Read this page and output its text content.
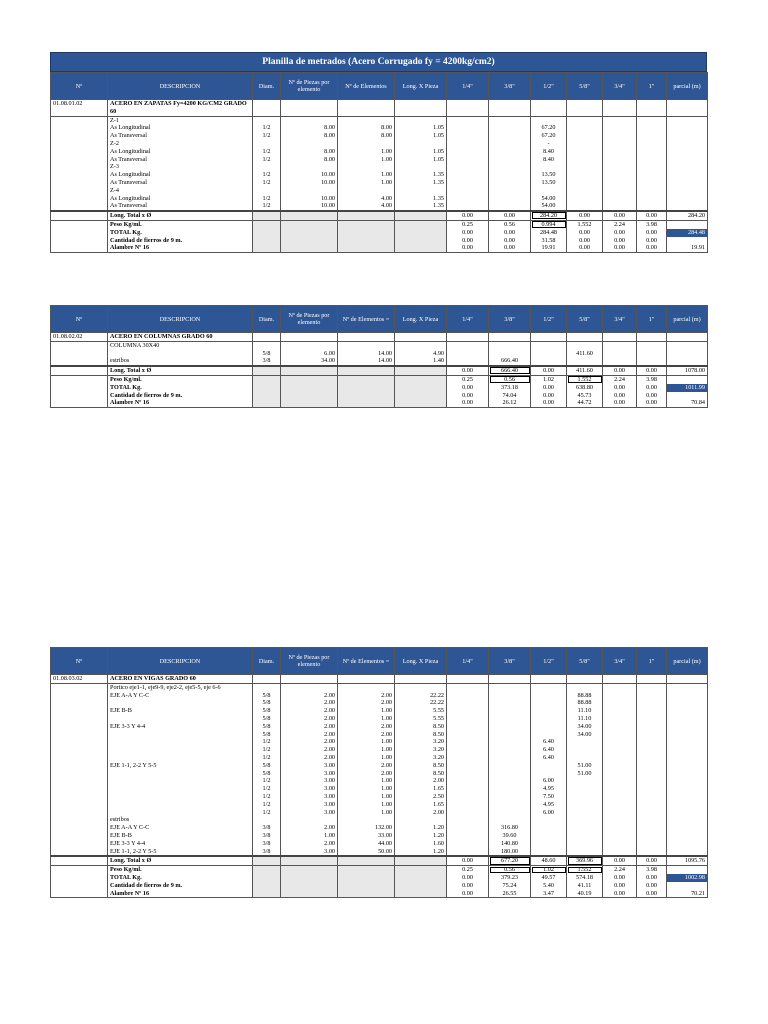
Planilla de metrados (Acero Corrugado fy = 4200kg/cm2)
Nº	DESCRIPCION	Diam.	Nº de Piezas por elemento	Nº de Elementos	Long. X Pieza	1/4"	3/8"	1/2"	5/8"	3/4"	1"	parcial (m)
01.08.01.02	ACERO EN ZAPATAS Fy=4200 KG/CM2 GRADO 60											
	Z-1											
	As Longitudinal	1/2	8.00	8.00	1.05			67.20				
	As Transversal	1/2	8.00	8.00	1.05			67.20				
	Z-2							-				
	As Longitudinal	1/2	8.00	1.00	1.05			8.40				
	As Transversal	1/2	8.00	1.00	1.05			8.40				
	Z-3											
	As Longitudinal	1/2	10.00	1.00	1.35			13.50				
	As Transversal	1/2	10.00	1.00	1.35			13.50				
	Z-4											
	As Longitudinal	1/2	10.00	4.00	1.35			54.00				
	As Transversal	1/2	10.00	4.00	1.35			54.00				
	Long. Total x Ø					0.00	0.00	284.20	0.00	0.00	0.00	284.20
	Peso Kg/ml.					0.25	0.56	0.994	1.552	2.24	3.98	
	TOTAL Kg.					0.00	0.00	284.48	0.00	0.00	0.00	284.48
	Cantidad de fierros de 9 m.					0.00	0.00	31.58	0.00	0.00	0.00	
	Alambre Nº 16					0.00	0.00	19.91	0.00	0.00	0.00	19.91
Nº	DESCRIPCION	Diam.	Nº de Piezas por elemento	Nº de Elementos =	Long. X Pieza	1/4"	3/8"	1/2"	5/8"	3/4"	1"	parcial (m)
01.08.02.02	ACERO EN COLUMNAS GRADO 60											
	COLUMNA 30X40											
		5/8	6.00	14.00	4.90				411.60			
	estribos	3/8	34.00	14.00	1.40		666.40					

	Long. Total x Ø					0.00	666.40	0.00	411.60	0.00	0.00	1078.00
	Peso Kg/ml.					0.25	0.56	1.02	1.552	2.24	3.98	
	TOTAL Kg.					0.00	373.18	0.00	638.80	0.00	0.00	1011.99
	Cantidad de fierros de 9 m.					0.00	74.04	0.00	45.73	0.00	0.00	
	Alambre Nº 16					0.00	26.12	0.00	44.72	0.00	0.00	70.84
Nº	DESCRIPCION	Diam.	Nº de Piezas por elemento	Nº de Elementos =	Long. X Pieza	1/4"	3/8"	1/2"	5/8"	3/4"	1"	parcial (m)
01.08.03.02	ACERO EN VIGAS GRADO 60											
	Portico eje1-1, eje9-9, eje2-2, eje5-5, eje 6-6											
	EJE A-A Y C-C	5/8	2.00	2.00	22.22				88.88			
		5/8	2.00	2.00	22.22				88.88			
	EJE B-B	5/8	2.00	1.00	5.55				11.10			
		5/8	2.00	1.00	5.55				11.10			
	EJE 3-3 Y 4-4	5/8	2.00	2.00	8.50				34.00			
		5/8	2.00	2.00	8.50				34.00			
		1/2	2.00	1.00	3.20			6.40				
		1/2	2.00	1.00	3.20			6.40				
		1/2	2.00	1.00	3.20			6.40				
	EJE 1-1, 2-2 Y 5-5	5/8	3.00	2.00	8.50				51.00			
		5/8	3.00	2.00	8.50				51.00			
		1/2	3.00	1.00	2.00			6.00				
		1/2	3.00	1.00	1.65			4.95				
		1/2	3.00	1.00	2.50			7.50				
		1/2	3.00	1.00	1.65			4.95				
		1/2	3.00	1.00	2.00			6.00				
	estribos											
	EJE A-A Y C-C	3/8	2.00	132.00	1.20		316.80					
	EJE B-B	3/8	1.00	33.00	1.20		39.60					
	EJE 3-3 Y 4-4	3/8	2.00	44.00	1.60		140.80					
	EJE 1-1, 2-2 Y 5-5	3/8	3.00	50.00	1.20		180.00					

	Long. Total x Ø					0.00	677.20	48.60	369.96	0.00	0.00	1095.76
	Peso Kg/ml.					0.25	0.56	1.02	1.552	2.24	3.98	
	TOTAL Kg.					0.00	379.23	49.57	574.18	0.00	0.00	1002.98
	Cantidad de fierros de 9 m.					0.00	75.24	5.40	41.11	0.00	0.00	
	Alambre Nº 16					0.00	26.55	3.47	40.19	0.00	0.00	70.21
